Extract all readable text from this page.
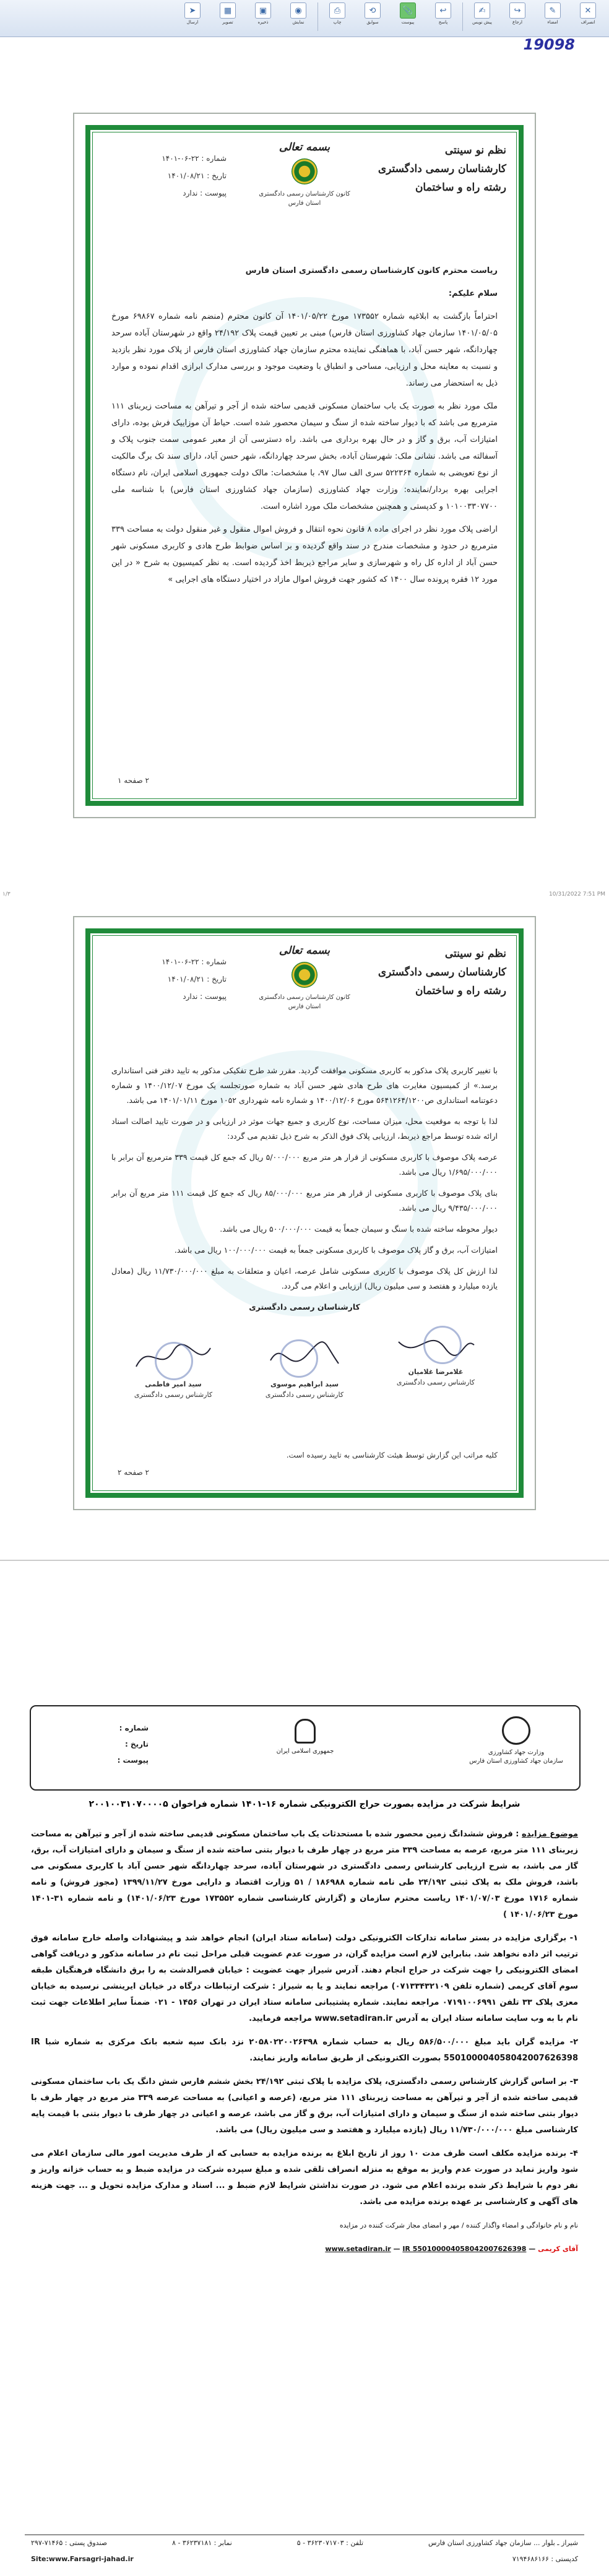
✕
انصراف
✎
امضاء
↪
ارجاع
✍
پیش نویس
↩
پاسخ
📎
پیوست
⟲
سوابق
⎙
چاپ
◉
نمایش
▣
ذخیره
▦
تصویر
➤
ارسال
19098
نظم نو سینتی
کارشناسان رسمی دادگستری
رشته راه و ساختمان
بسمه تعالی
کانون کارشناسان رسمی دادگستری
استان فارس
شماره : ۲۲-۰۶-۱۴۰۱
تاریخ : ۱۴۰۱/۰۸/۲۱
پیوست : ندارد

ریاست محترم کانون کارشناسان رسمی دادگستری استان فارس

سلام علیکم:

احتراماً بازگشت به ابلاغیه شماره ۱۷۳۵۵۲ مورخ ۱۴۰۱/۰۵/۲۲ آن کانون محترم (منضم نامه شماره ۶۹۸۶۷ مورخ ۱۴۰۱/۰۵/۰۵ سازمان جهاد کشاورزی استان فارس) مبنی بر تعیین قیمت پلاک ۲۴/۱۹۲ واقع در شهرستان آباده سرحد چهاردانگه، شهر حسن آباد، با هماهنگی نماینده محترم سازمان جهاد کشاورزی استان فارس از پلاک مورد نظر بازدید و نسبت به معاینه محل و ارزیابی، مساحی و انطباق با وضعیت موجود و بررسی مدارک ابرازی اقدام نموده و موارد ذیل به استحضار می رساند.

ملک مورد نظر به صورت یک باب ساختمان مسکونی قدیمی ساخته شده از آجر و تیرآهن به مساحت زیربنای ۱۱۱ مترمربع می باشد که با دیوار ساخته شده از سنگ و سیمان محصور شده است. حیاط آن موزاییک فرش بوده، دارای امتیازات آب، برق و گاز و در حال بهره برداری می باشد. راه دسترسی آن از معبر عمومی سمت جنوب پلاک و آسفالته می باشد. نشانی ملک: شهرستان آباده، بخش سرحد چهاردانگه، شهر حسن آباد، دارای سند تک برگ مالکیت از نوع تعویضی به شماره ۵۲۲۳۶۴ سری الف سال ۹۷، با مشخصات: مالک دولت جمهوری اسلامی ایران، نام دستگاه اجرایی بهره بردار/نماینده: وزارت جهاد کشاورزی (سازمان جهاد کشاورزی استان فارس) با شناسه ملی ۱۰۱۰۰۳۳۰۷۷۰۰ و کدپستی و همچنین مشخصات ملک مورد اشاره است.

اراضی پلاک مورد نظر در اجرای ماده ۸ قانون نحوه انتقال و فروش اموال منقول و غیر منقول دولت به مساحت ۳۳۹ مترمربع در حدود و مشخصات مندرج در سند واقع گردیده و بر اساس ضوابط طرح هادی و کاربری مسکونی شهر حسن آباد از اداره کل راه و شهرسازی و سایر مراجع ذیربط اخذ گردیده است. به نظر کمیسیون به شرح « در این مورد ۱۲ فقره پرونده سال ۱۴۰۰ که کشور جهت فروش اموال مازاد در اختیار دستگاه های اجرایی »

۲ صفحه ۱
۱/۳	10/31/2022 7:51 PM
نظم نو سینتی
کارشناسان رسمی دادگستری
رشته راه و ساختمان
بسمه تعالی
کانون کارشناسان رسمی دادگستری
استان فارس
شماره : ۲۲-۰۶-۱۴۰۱
تاریخ : ۱۴۰۱/۰۸/۲۱
پیوست : ندارد

با تغییر کاربری پلاک مذکور به کاربری مسکونی موافقت گردید. مقرر شد طرح تفکیکی مذکور به تایید دفتر فنی استانداری برسد.» از کمیسیون مغایرت های طرح هادی شهر حسن آباد به شماره صورتجلسه یک مورخ ۱۴۰۰/۱۲/۰۷ و شماره دعوتنامه استانداری ص۵۶۴۱۲۶۴/۱۲۰۰ مورخ ۱۴۰۰/۱۲/۰۶ و شماره نامه شهرداری ۱۰۵۲ مورخ ۱۴۰۱/۰۱/۱۱ می باشد.

لذا با توجه به موقعیت محل، میزان مساحت، نوع کاربری و جمیع جهات موثر در ارزیابی و در صورت تایید اصالت اسناد ارائه شده توسط مراجع ذیربط، ارزیابی پلاک فوق الذکر به شرح ذیل تقدیم می گردد:

عرصه پلاک موصوف با کاربری مسکونی از قرار هر متر مربع ۵/۰۰۰/۰۰۰ ریال که جمع کل قیمت ۳۳۹ مترمربع آن برابر با ۱/۶۹۵/۰۰۰/۰۰۰ ریال می باشد.

بنای پلاک موصوف با کاربری مسکونی از قرار هر متر مربع ۸۵/۰۰۰/۰۰۰ ریال که جمع کل قیمت ۱۱۱ متر مربع آن برابر ۹/۴۳۵/۰۰۰/۰۰۰ ریال می باشد.

دیوار محوطه ساخته شده با سنگ و سیمان جمعاً به قیمت ۵۰۰/۰۰۰/۰۰۰ ریال می باشد.

امتیازات آب، برق و گاز پلاک موصوف با کاربری مسکونی جمعاً به قیمت ۱۰۰/۰۰۰/۰۰۰ ریال می باشد.

لذا ارزش کل پلاک موصوف با کاربری مسکونی شامل عرصه، اعیان و متعلقات به مبلغ ۱۱/۷۳۰/۰۰۰/۰۰۰ ریال (معادل یازده میلیارد و هفتصد و سی میلیون ریال) ارزیابی و اعلام می گردد.

کارشناسان رسمی دادگستری

سید امیر فاطمی
کارشناس رسمی دادگستری
سید ابراهیم موسوی
کارشناس رسمی دادگستری
غلامرضا غلامیان
کارشناس رسمی دادگستری
کلیه مراتب این گزارش توسط هیئت کارشناسی به تایید رسیده است.
۲ صفحه ۲
وزارت جهاد کشاورزی
سازمان جهاد کشاورزی استان فارس
جمهوری اسلامی ایران
شماره :
تاریخ :
پیوست :
شرایط شرکت در مزایده بصورت حراج الکترونیکی شماره ۱۶-۱۴۰۱ شماره فراخوان ۲۰۰۱۰۰۳۱۰۷۰۰۰۰۵

موضوع مزایده : فروش ششدانگ زمین محصور شده با مستحدثات یک باب ساختمان مسکونی قدیمی ساخته شده از آجر و تیرآهن به مساحت زیربنای ۱۱۱ متر مربع، عرصه به مساحت ۳۳۹ متر مربع در چهار طرف با دیوار بتنی ساخته شده از سنگ و سیمان و دارای امتیازات آب، برق، گاز می باشد، به شرح ارزیابی کارشناس رسمی دادگستری در شهرستان آباده، سرحد چهاردانگه شهر حسن آباد با کاربری مسکونی می باشد، فروش ملک به پلاک ثبتی ۲۴/۱۹۲ طی نامه شماره ۱۸۶۹۸۸ / ۵۱ وزارت اقتصاد و دارایی مورخ ۱۳۹۹/۱۱/۲۷ (مجوز فروش) و نامه شماره ۱۷۱۶ مورخ ۱۴۰۱/۰۷/۰۳ ریاست محترم سازمان و (گزارش کارشناسی شماره ۱۷۳۵۵۲ مورخ ۱۴۰۱/۰۶/۲۳) و نامه شماره ۳۱-۱۴۰۱ مورخ ۱۴۰۱/۰۶/۲۳ )

۱- برگزاری مزایده در بستر سامانه تدارکات الکترونیکی دولت (سامانه ستاد ایران) انجام خواهد شد و پیشنهادات واصله خارج سامانه فوق ترتیب اثر داده نخواهد شد. بنابراین لازم است مزایده گران، در صورت عدم عضویت قبلی مراحل ثبت نام در سامانه مذکور و دریافت گواهی امضای الکترونیکی را جهت شرکت در حراج انجام دهند. آدرس شیراز جهت عضویت : خیابان قصرالدشت به را برق دانشگاه فرهنگیان طبقه سوم آقای کریمی (شماره تلفن ۰۷۱۳۳۴۳۲۱۰۹) مراجعه نمایند و یا به شیراز : شرکت ارتباطات درگاه در خیابان ایرینشی نرسیده به خیابان معزی پلاک ۳۳ تلفن ۰۷۱۹۱۰۰۶۹۹۱ مراجعه نمایند. شماره پشتیبانی سامانه ستاد ایران در تهران ۱۴۵۶ - ۰۲۱ ضمناً سایر اطلاعات جهت ثبت نام با به وب سایت سامانه ستاد ایران به آدرس www.setadiran.ir مراجعه فرمایید.

۲- مزایده گران باید مبلغ ۵۸۶/۵۰۰/۰۰۰ ریال به حساب شماره ۲۰۵۸۰۲۲۰۰۲۶۳۹۸ نزد بانک سپه شعبه بانک مرکزی به شماره شبا IR 550100004058042007626398 بصورت الکترونیکی از طریق سامانه واریز نمایند.

۳- بر اساس گزارش کارشناس رسمی دادگستری، پلاک مزایده با پلاک ثبتی ۲۴/۱۹۲ بخش ششم فارس شش دانگ یک باب ساختمان مسکونی قدیمی ساخته شده از آجر و تیرآهن به مساحت زیربنای ۱۱۱ متر مربع، (عرصه و اعیانی) به مساحت عرصه ۳۳۹ متر مربع در چهار طرف با دیوار بتنی ساخته شده از سنگ و سیمان و دارای امتیازات آب، برق و گاز می باشد، عرصه و اعیانی در چهار طرف با دیوار بتنی با قیمت پایه کارشناسی مبلغ ۱۱/۷۳۰/۰۰۰/۰۰۰ ریال (یازده میلیارد و هفتصد و سی میلیون ریال) می باشد.

۴- برنده مزایده مکلف است ظرف مدت ۱۰ روز از تاریخ ابلاغ به برنده مزایده به حسابی که از طرف مدیریت امور مالی سازمان اعلام می شود واریز نماید در صورت عدم واریز به موقع به منزله انصراف تلقی شده و مبلغ سپرده شرکت در مزایده ضبط و به حساب خزانه واریز و نفر دوم با شرایط ذکر شده برنده اعلام می شود. در صورت نداشتن شرایط لازم ضبط و ... اسناد و مدارک مزایده تحویل و ... جهت هزینه های آگهی و کارشناسی بر عهده برنده مزایده می باشد.

نام و نام خانوادگی و امضاء واگذار کننده / مهر و امضای مجاز شرکت کننده در مزایده

آقای کریمی — www.setadiran.ir — IR 550100004058042007626398

شیراز ـ بلوار ... سازمان جهاد کشاورزی استان فارس
تلفن : ۳۶۲۳۰۷۱۷۰۳ - ۵
نمابر : ۳۶۲۳۷۱۸۱ - ۸
صندوق پستی : ۷۱۴۶۵-۲۹۷
کدپستی : ۷۱۹۴۶۸۶۱۶۶
Site:www.Farsagri-jahad.ir
